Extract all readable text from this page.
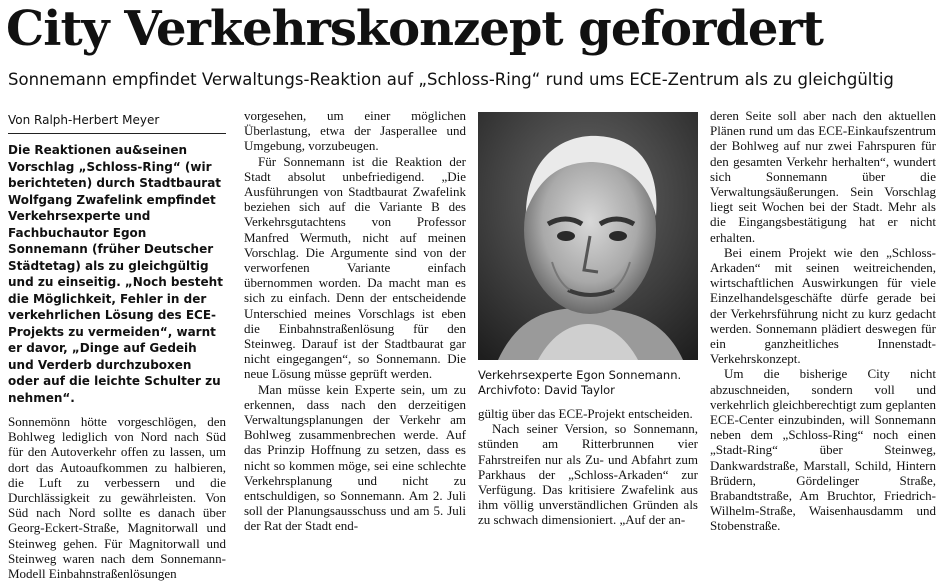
City Verkehrskonzept gefordert
Sonnemann empfindet Verwaltungs-Reaktion auf „Schloss-Ring“ rund ums ECE-Zentrum als zu gleichgültig
Von Ralph-Herbert Meyer

Die Reaktionen au&seinen Vorschlag „Schloss-Ring“ (wir berichteten) durch Stadtbaurat Wolfgang Zwafelink empfindet Verkehrsexperte und Fachbuchautor Egon Sonnemann (früher Deutscher Städtetag) als zu gleichgültig und zu einseitig. „Noch besteht die Möglichkeit, Fehler in der verkehrlichen Lösung des ECE-Projekts zu vermeiden“, warnt er davor, „Dinge auf Gedeih und Verderb durchzuboxen oder auf die leichte Schulter zu nehmen“.

Sonnemönn hötte vorgeschlögen, den Bohlweg lediglich von Nord nach Süd für den Autoverkehr offen zu lassen, um dort das Autoaufkommen zu halbieren, die Luft zu verbessern und die Durchlässigkeit zu gewährleisten. Von Süd nach Nord sollte es danach über Georg-Eckert-Straße, Magnitorwall und Steinweg gehen. Für Magnitorwall und Steinweg waren nach dem Sonnemann-Modell Einbahnstraßenlösungen

vorgesehen, um einer möglichen Überlastung, etwa der Jasperallee und Umgebung, vorzubeugen.

Für Sonnemann ist die Reaktion der Stadt absolut unbefriedigend. „Die Ausführungen von Stadtbaurat Zwafelink beziehen sich auf die Variante B des Verkehrsgutachtens von Professor Manfred Wermuth, nicht auf meinen Vorschlag. Die Argumente sind von der verworfenen Variante einfach übernommen worden. Da macht man es sich zu einfach. Denn der entscheidende Unterschied meines Vorschlags ist eben die Einbahnstraßenlösung für den Steinweg. Darauf ist der Stadtbaurat gar nicht eingegangen“, so Sonnemann. Die neue Lösung müsse geprüft werden.

Man müsse kein Experte sein, um zu erkennen, dass nach den derzeitigen Verwaltungsplanungen der Verkehr am Bohlweg zusammenbrechen werde. Auf das Prinzip Hoffnung zu setzen, dass es nicht so kommen möge, sei eine schlechte Verkehrsplanung und nicht zu entschuldigen, so Sonnemann. Am 2. Juli soll der Planungsausschuss und am 5. Juli der Rat der Stadt end-

Verkehrsexperte Egon Sonnemann. Archivfoto: David Taylor

gültig über das ECE-Projekt entscheiden.

Nach seiner Version, so Sonnemann, stünden am Ritterbrunnen vier Fahrstreifen nur als Zu- und Abfahrt zum Parkhaus der „Schloss-Arkaden“ zur Verfügung. Das kritisiere Zwafelink aus ihm völlig unverständlichen Gründen als zu schwach dimensioniert. „Auf der an-

deren Seite soll aber nach den aktuellen Plänen rund um das ECE-Einkaufszentrum der Bohlweg auf nur zwei Fahrspuren für den gesamten Verkehr herhalten“, wundert sich Sonnemann über die Verwaltungsäußerungen. Sein Vorschlag liegt seit Wochen bei der Stadt. Mehr als die Eingangsbestätigung hat er nicht erhalten.

Bei einem Projekt wie den „Schloss-Arkaden“ mit seinen weitreichenden, wirtschaftlichen Auswirkungen für viele Einzelhandelsgeschäfte dürfe gerade bei der Verkehrsführung nicht zu kurz gedacht werden. Sonnemann plädiert deswegen für ein ganzheitliches Innenstadt-Verkehrskonzept.

Um die bisherige City nicht abzuschneiden, sondern voll und verkehrlich gleichberechtigt zum geplanten ECE-Center einzubinden, will Sonnemann neben dem „Schloss-Ring“ noch einen „Stadt-Ring“ über Steinweg, Dankwardstraße, Marstall, Schild, Hintern Brüdern, Gördelinger Straße, Brabandtstraße, Am Bruchtor, Friedrich-Wilhelm-Straße, Waisenhausdamm und Stobenstraße.
